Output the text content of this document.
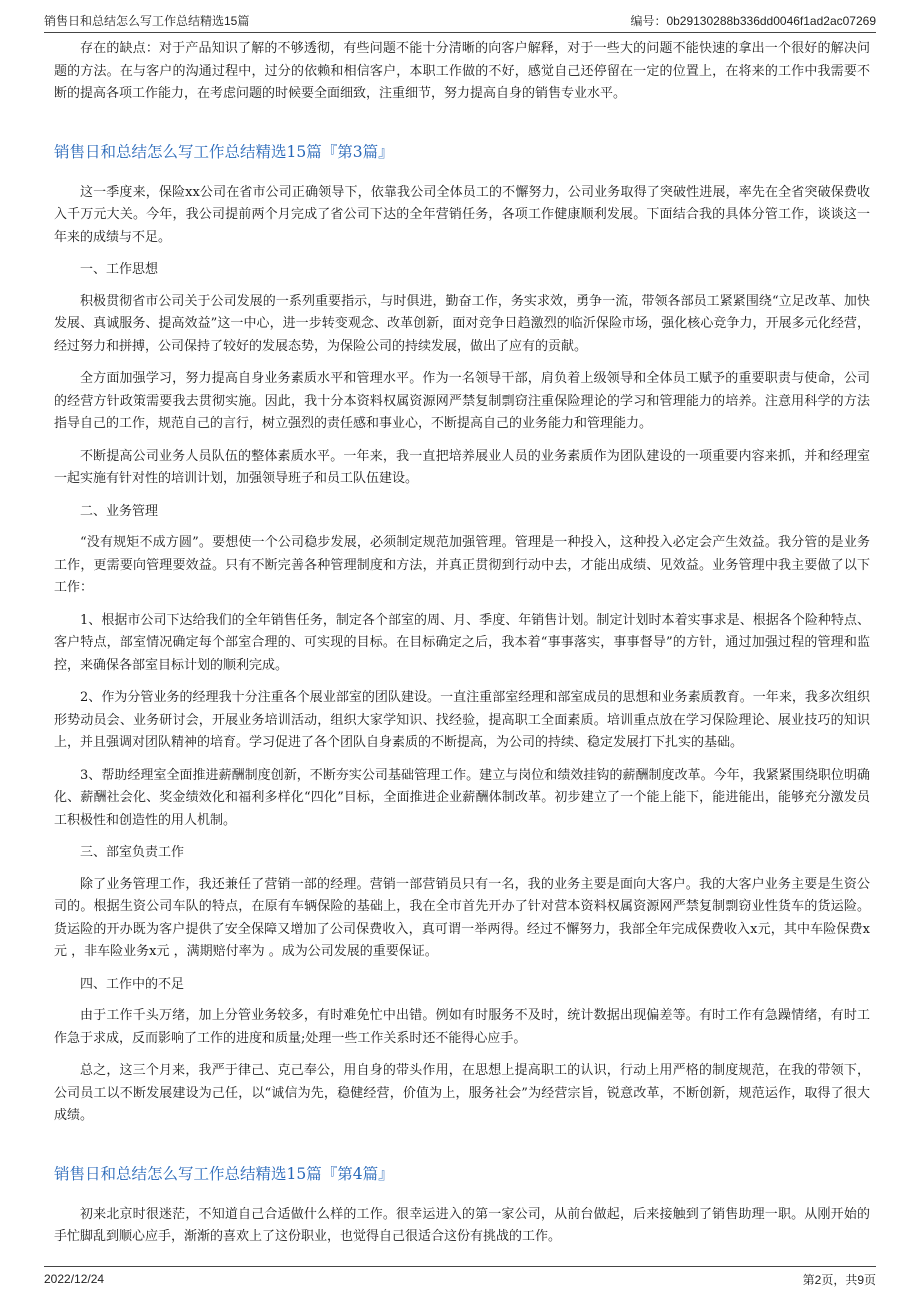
销售日和总结怎么写工作总结精选15篇	编号：0b29130288b336dd0046f1ad2ac07269

存在的缺点：对于产品知识了解的不够透彻，有些问题不能十分清晰的向客户解释，对于一些大的问题不能快速的拿出一个很好的解决问题的方法。在与客户的沟通过程中，过分的依赖和相信客户，本职工作做的不好，感觉自己还停留在一定的位置上，在将来的工作中我需要不断的提高各项工作能力，在考虑问题的时候要全面细致，注重细节，努力提高自身的销售专业水平。

销售日和总结怎么写工作总结精选15篇『第3篇』

这一季度来，保险xx公司在省市公司正确领导下，依靠我公司全体员工的不懈努力，公司业务取得了突破性进展，率先在全省突破保费收入千万元大关。今年，我公司提前两个月完成了省公司下达的全年营销任务，各项工作健康顺利发展。下面结合我的具体分管工作，谈谈这一年来的成绩与不足。

一、工作思想

积极贯彻省市公司关于公司发展的一系列重要指示，与时俱进，勤奋工作，务实求效，勇争一流，带领各部员工紧紧围绕“立足改革、加快发展、真诚服务、提高效益”这一中心，进一步转变观念、改革创新，面对竞争日趋激烈的临沂保险市场，强化核心竞争力，开展多元化经营，经过努力和拼搏，公司保持了较好的发展态势，为保险公司的持续发展，做出了应有的贡献。

全方面加强学习，努力提高自身业务素质水平和管理水平。作为一名领导干部，肩负着上级领导和全体员工赋予的重要职责与使命，公司的经营方针政策需要我去贯彻实施。因此，我十分本资料权属资源网严禁复制剽窃注重保险理论的学习和管理能力的培养。注意用科学的方法指导自己的工作，规范自己的言行，树立强烈的责任感和事业心，不断提高自己的业务能力和管理能力。

不断提高公司业务人员队伍的整体素质水平。一年来，我一直把培养展业人员的业务素质作为团队建设的一项重要内容来抓，并和经理室一起实施有针对性的培训计划，加强领导班子和员工队伍建设。

二、业务管理

“没有规矩不成方圆”。要想使一个公司稳步发展，必须制定规范加强管理。管理是一种投入，这种投入必定会产生效益。我分管的是业务工作，更需要向管理要效益。只有不断完善各种管理制度和方法，并真正贯彻到行动中去，才能出成绩、见效益。业务管理中我主要做了以下工作：

1、根据市公司下达给我们的全年销售任务，制定各个部室的周、月、季度、年销售计划。制定计划时本着实事求是、根据各个险种特点、客户特点，部室情况确定每个部室合理的、可实现的目标。在目标确定之后，我本着“事事落实，事事督导”的方针，通过加强过程的管理和监控，来确保各部室目标计划的顺利完成。

2、作为分管业务的经理我十分注重各个展业部室的团队建设。一直注重部室经理和部室成员的思想和业务素质教育。一年来，我多次组织形势动员会、业务研讨会，开展业务培训活动，组织大家学知识、找经验，提高职工全面素质。培训重点放在学习保险理论、展业技巧的知识上，并且强调对团队精神的培育。学习促进了各个团队自身素质的不断提高，为公司的持续、稳定发展打下扎实的基础。

3、帮助经理室全面推进薪酬制度创新，不断夯实公司基础管理工作。建立与岗位和绩效挂钩的薪酬制度改革。今年，我紧紧围绕职位明确化、薪酬社会化、奖金绩效化和福利多样化“四化”目标，全面推进企业薪酬体制改革。初步建立了一个能上能下，能进能出，能够充分激发员工积极性和创造性的用人机制。

三、部室负责工作

除了业务管理工作，我还兼任了营销一部的经理。营销一部营销员只有一名，我的业务主要是面向大客户。我的大客户业务主要是生资公司的。根据生资公司车队的特点，在原有车辆保险的基础上，我在全市首先开办了针对营本资料权属资源网严禁复制剽窃业性货车的货运险。货运险的开办既为客户提供了安全保障又增加了公司保费收入，真可谓一举两得。经过不懈努力，我部全年完成保费收入x元，其中车险保费x元 ，非车险业务x元 ，满期赔付率为 。成为公司发展的重要保证。

四、工作中的不足

由于工作千头万绪，加上分管业务较多，有时难免忙中出错。例如有时服务不及时，统计数据出现偏差等。有时工作有急躁情绪，有时工作急于求成，反而影响了工作的进度和质量;处理一些工作关系时还不能得心应手。

总之，这三个月来，我严于律己、克己奉公，用自身的带头作用，在思想上提高职工的认识，行动上用严格的制度规范，在我的带领下，公司员工以不断发展建设为己任，以“诚信为先，稳健经营，价值为上，服务社会”为经营宗旨，锐意改革，不断创新，规范运作，取得了很大成绩。

销售日和总结怎么写工作总结精选15篇『第4篇』

初来北京时很迷茫，不知道自己合适做什么样的工作。很幸运进入的第一家公司，从前台做起，后来接触到了销售助理一职。从刚开始的手忙脚乱到顺心应手，渐渐的喜欢上了这份职业，也觉得自己很适合这份有挑战的工作。

2022/12/24	第2页，共9页
